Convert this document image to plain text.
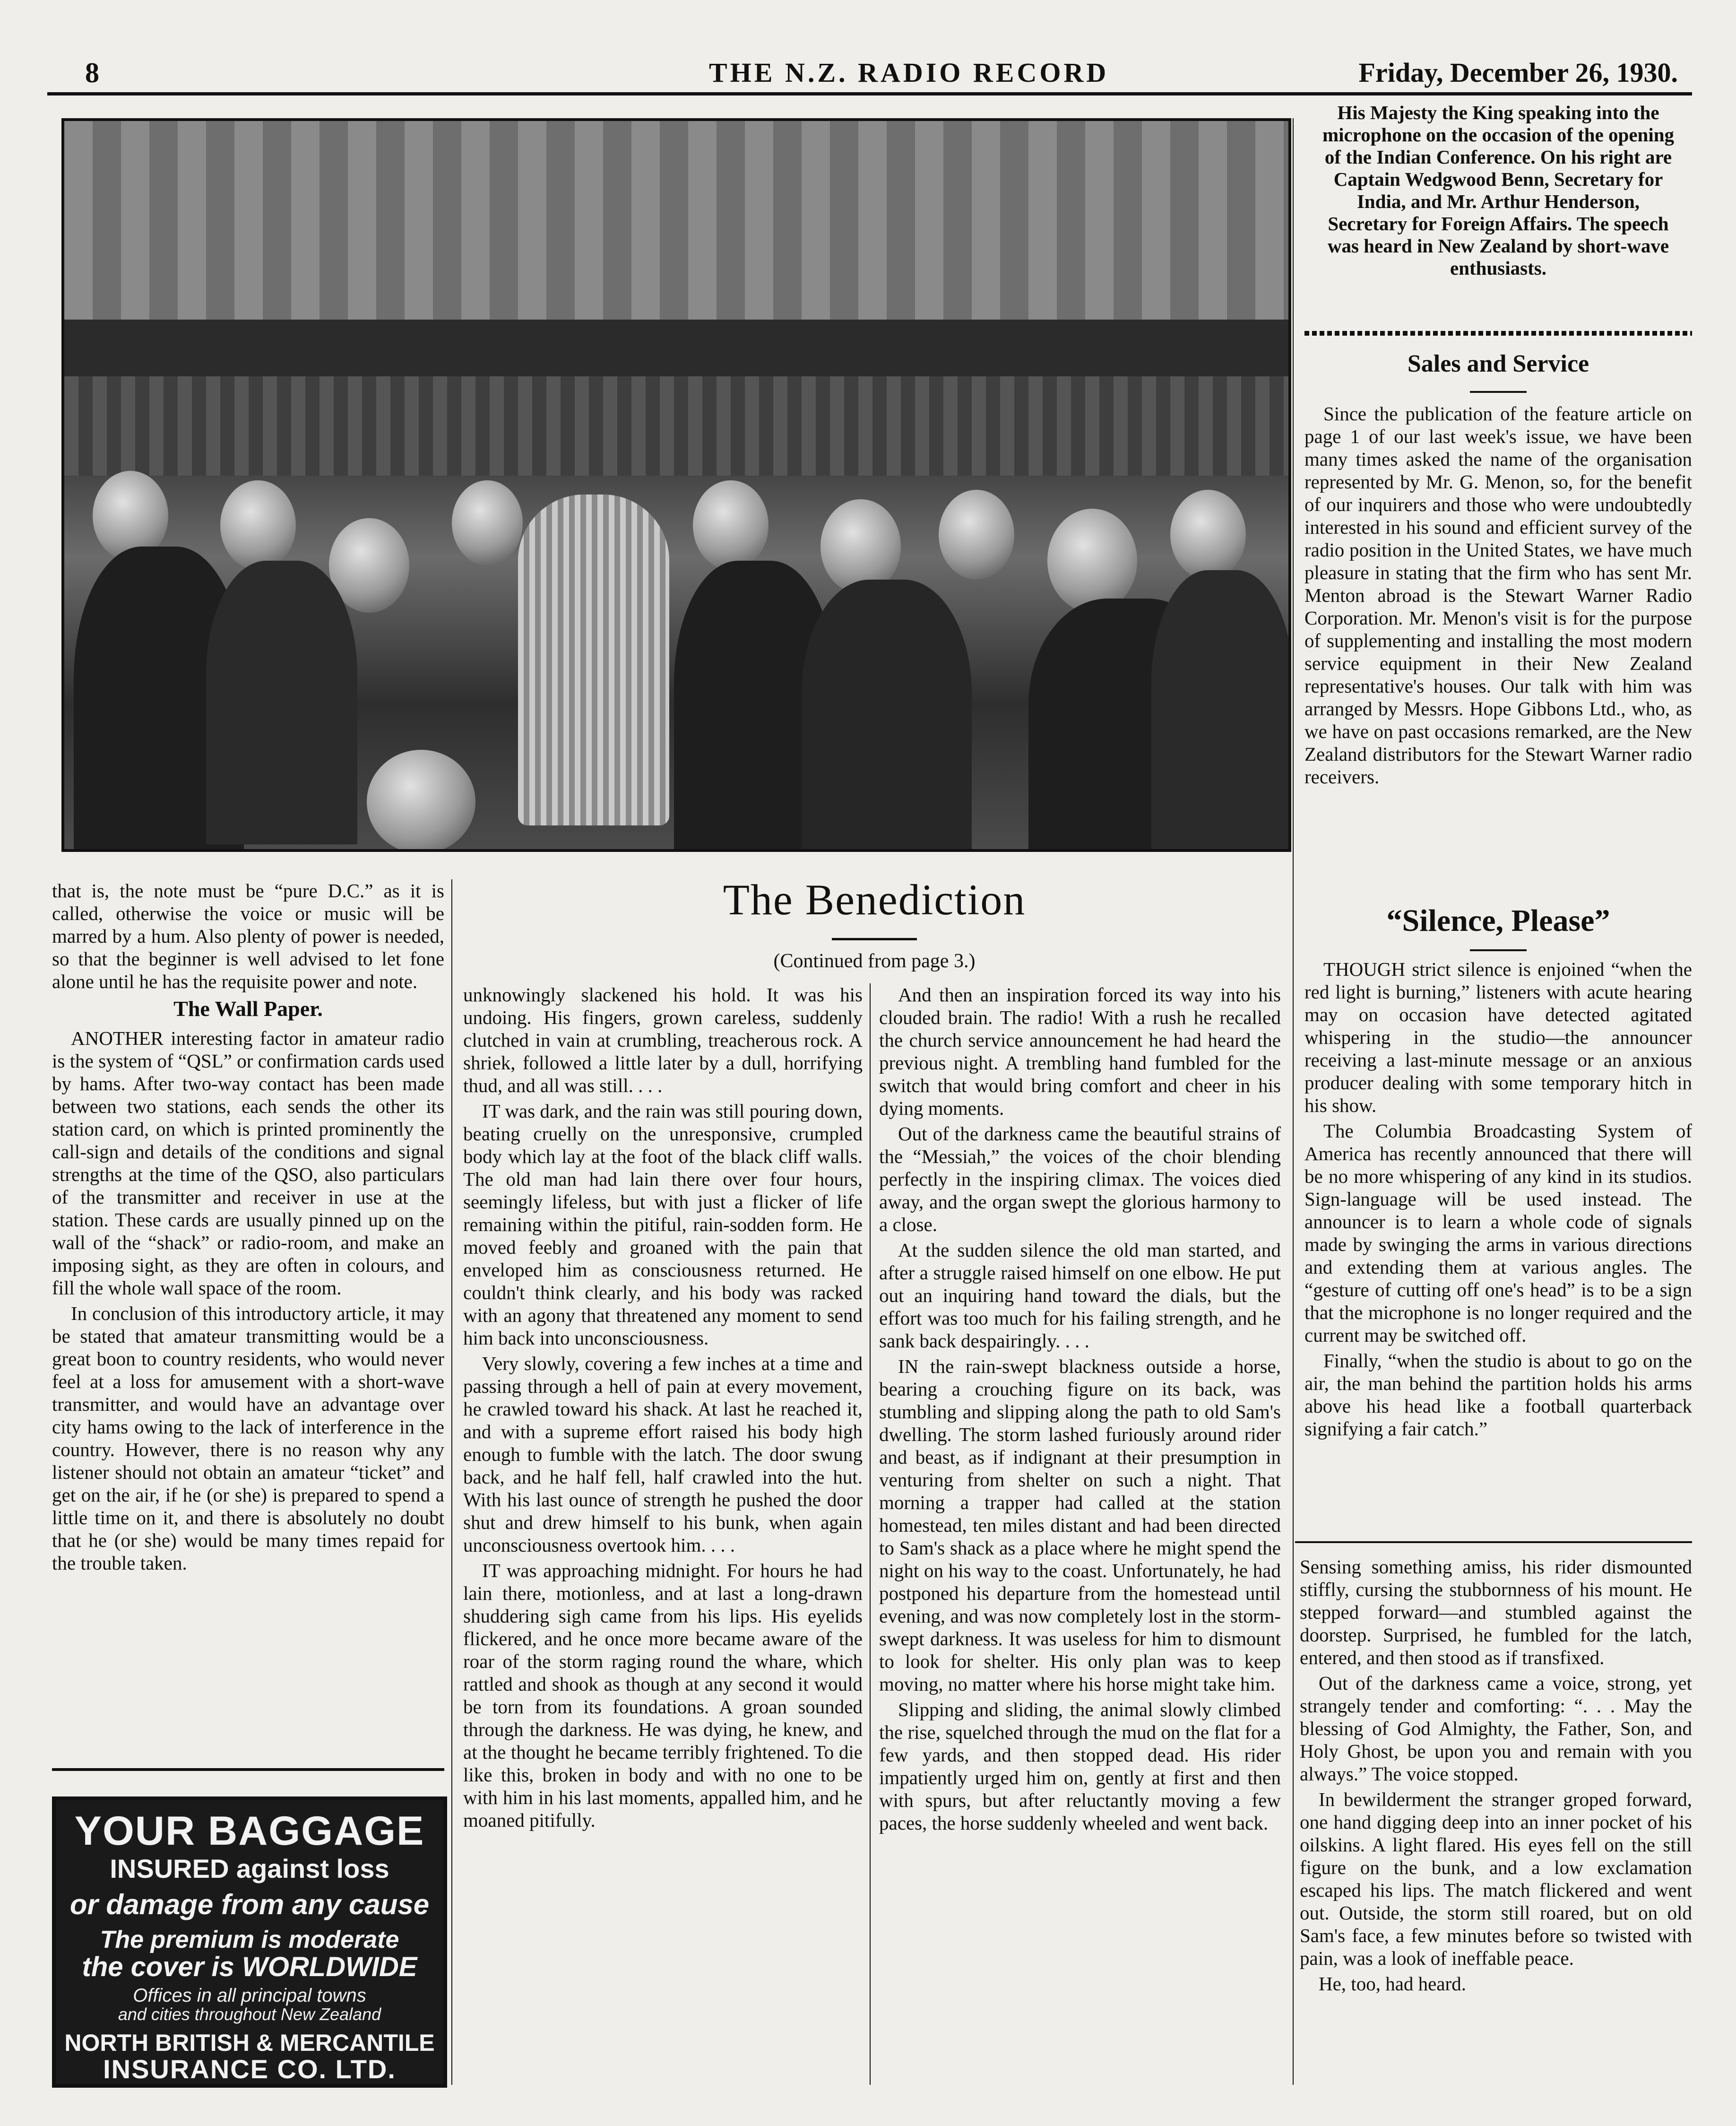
8	THE N.Z. RADIO RECORD	Friday, December 26, 1930.
His Majesty the King speaking into the microphone on the occasion of the opening of the Indian Conference. On his right are Captain Wedgwood Benn, Secretary for India, and Mr. Arthur Henderson, Secretary for Foreign Affairs. The speech was heard in New Zealand by short-wave enthusiasts.
Sales and Service

Since the publication of the feature article on page 1 of our last week's issue, we have been many times asked the name of the organisation represented by Mr. G. Menon, so, for the benefit of our inquirers and those who were undoubtedly interested in his sound and efficient survey of the radio position in the United States, we have much pleasure in stating that the firm who has sent Mr. Menton abroad is the Stewart Warner Radio Corporation. Mr. Menon's visit is for the purpose of supplementing and installing the most modern service equipment in their New Zealand representative's houses. Our talk with him was arranged by Messrs. Hope Gibbons Ltd., who, as we have on past occasions remarked, are the New Zealand distributors for the Stewart Warner radio receivers.

“Silence, Please”

THOUGH strict silence is enjoined “when the red light is burning,” listeners with acute hearing may on occasion have detected agitated whispering in the studio—the announcer receiving a last-minute message or an anxious producer dealing with some temporary hitch in his show.

The Columbia Broadcasting System of America has recently announced that there will be no more whispering of any kind in its studios. Sign-language will be used instead. The announcer is to learn a whole code of signals made by swinging the arms in various directions and extending them at various angles. The “gesture of cutting off one's head” is to be a sign that the microphone is no longer required and the current may be switched off.

Finally, “when the studio is about to go on the air, the man behind the partition holds his arms above his head like a football quarterback signifying a fair catch.”

that is, the note must be “pure D.C.” as it is called, otherwise the voice or music will be marred by a hum. Also plenty of power is needed, so that the beginner is well advised to let fone alone until he has the requisite power and note.

The Wall Paper.

ANOTHER interesting factor in amateur radio is the system of “QSL” or confirmation cards used by hams. After two-way contact has been made between two stations, each sends the other its station card, on which is printed prominently the call-sign and details of the conditions and signal strengths at the time of the QSO, also particulars of the transmitter and receiver in use at the station. These cards are usually pinned up on the wall of the “shack” or radio-room, and make an imposing sight, as they are often in colours, and fill the whole wall space of the room.

In conclusion of this introductory article, it may be stated that amateur transmitting would be a great boon to country residents, who would never feel at a loss for amusement with a short-wave transmitter, and would have an advantage over city hams owing to the lack of interference in the country. However, there is no reason why any listener should not obtain an amateur “ticket” and get on the air, if he (or she) is prepared to spend a little time on it, and there is absolutely no doubt that he (or she) would be many times repaid for the trouble taken.

YOUR BAGGAGE
INSURED against loss
or damage from any cause
The premium is moderate
the cover is WORLDWIDE
Offices in all principal towns
and cities throughout New Zealand
NORTH BRITISH & MERCANTILE
INSURANCE CO. LTD.
The Benediction
(Continued from page 3.)

unknowingly slackened his hold. It was his undoing. His fingers, grown careless, suddenly clutched in vain at crumbling, treacherous rock. A shriek, followed a little later by a dull, horrifying thud, and all was still. . . .

IT was dark, and the rain was still pouring down, beating cruelly on the unresponsive, crumpled body which lay at the foot of the black cliff walls. The old man had lain there over four hours, seemingly lifeless, but with just a flicker of life remaining within the pitiful, rain-sodden form. He moved feebly and groaned with the pain that enveloped him as consciousness returned. He couldn't think clearly, and his body was racked with an agony that threatened any moment to send him back into unconsciousness.

Very slowly, covering a few inches at a time and passing through a hell of pain at every movement, he crawled toward his shack. At last he reached it, and with a supreme effort raised his body high enough to fumble with the latch. The door swung back, and he half fell, half crawled into the hut. With his last ounce of strength he pushed the door shut and drew himself to his bunk, when again unconsciousness overtook him. . . .

IT was approaching midnight. For hours he had lain there, motionless, and at last a long-drawn shuddering sigh came from his lips. His eyelids flickered, and he once more became aware of the roar of the storm raging round the whare, which rattled and shook as though at any second it would be torn from its foundations. A groan sounded through the darkness. He was dying, he knew, and at the thought he became terribly frightened. To die like this, broken in body and with no one to be with him in his last moments, appalled him, and he moaned pitifully.

And then an inspiration forced its way into his clouded brain. The radio! With a rush he recalled the church service announcement he had heard the previous night. A trembling hand fumbled for the switch that would bring comfort and cheer in his dying moments.

Out of the darkness came the beautiful strains of the “Messiah,” the voices of the choir blending perfectly in the inspiring climax. The voices died away, and the organ swept the glorious harmony to a close.

At the sudden silence the old man started, and after a struggle raised himself on one elbow. He put out an inquiring hand toward the dials, but the effort was too much for his failing strength, and he sank back despairingly. . . .

IN the rain-swept blackness outside a horse, bearing a crouching figure on its back, was stumbling and slipping along the path to old Sam's dwelling. The storm lashed furiously around rider and beast, as if indignant at their presumption in venturing from shelter on such a night. That morning a trapper had called at the station homestead, ten miles distant and had been directed to Sam's shack as a place where he might spend the night on his way to the coast. Unfortunately, he had postponed his departure from the homestead until evening, and was now completely lost in the storm-swept darkness. It was useless for him to dismount to look for shelter. His only plan was to keep moving, no matter where his horse might take him.

Slipping and sliding, the animal slowly climbed the rise, squelched through the mud on the flat for a few yards, and then stopped dead. His rider impatiently urged him on, gently at first and then with spurs, but after reluctantly moving a few paces, the horse suddenly wheeled and went back.

Sensing something amiss, his rider dismounted stiffly, cursing the stubbornness of his mount. He stepped forward—and stumbled against the doorstep. Surprised, he fumbled for the latch, entered, and then stood as if transfixed.

Out of the darkness came a voice, strong, yet strangely tender and comforting: “. . . May the blessing of God Almighty, the Father, Son, and Holy Ghost, be upon you and remain with you always.” The voice stopped.

In bewilderment the stranger groped forward, one hand digging deep into an inner pocket of his oilskins. A light flared. His eyes fell on the still figure on the bunk, and a low exclamation escaped his lips. The match flickered and went out. Outside, the storm still roared, but on old Sam's face, a few minutes before so twisted with pain, was a look of ineffable peace.

He, too, had heard.
